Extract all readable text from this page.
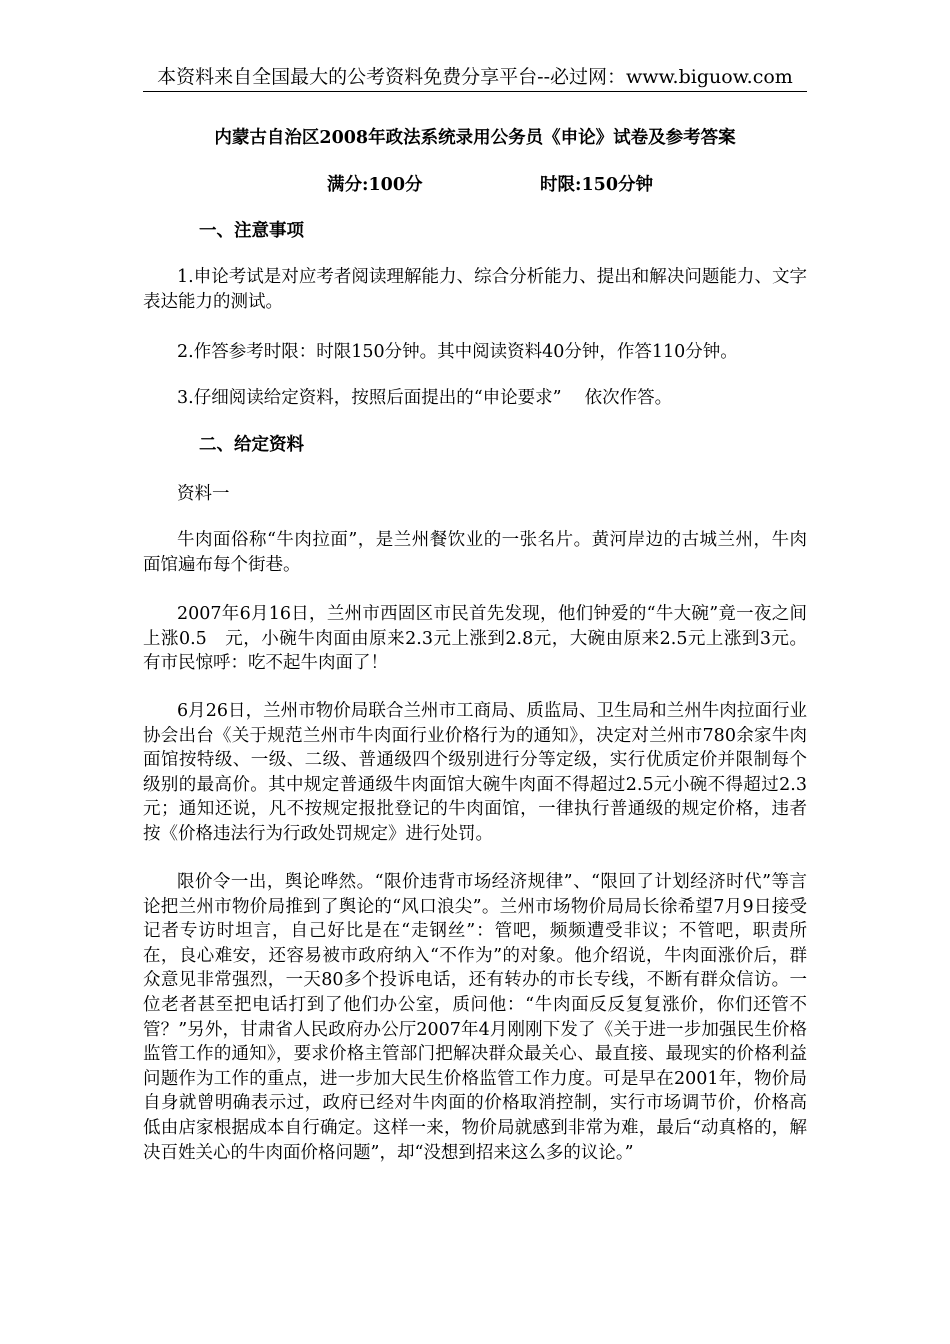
本资料来自全国最大的公考资料免费分享平台--必过网：www.biguow.com
内蒙古自治区2008年政法系统录用公务员《申论》试卷及参考答案
满分:100分	时限:150分钟
一、注意事项

1.申论考试是对应考者阅读理解能力、综合分析能力、提出和解决问题能力、文字表达能力的测试。

2.作答参考时限：时限150分钟。其中阅读资料40分钟，作答110分钟。

3.仔细阅读给定资料，按照后面提出的“申论要求”　 依次作答。

二、给定资料
资料一

牛肉面俗称“牛肉拉面”，是兰州餐饮业的一张名片。黄河岸边的古城兰州，牛肉面馆遍布每个街巷。

2007年6月16日，兰州市西固区市民首先发现，他们钟爱的“牛大碗”竟一夜之间上涨0.5　元，小碗牛肉面由原来2.3元上涨到2.8元，大碗由原来2.5元上涨到3元。有市民惊呼：吃不起牛肉面了！

6月26日，兰州市物价局联合兰州市工商局、质监局、卫生局和兰州牛肉拉面行业协会出台《关于规范兰州市牛肉面行业价格行为的通知》，决定对兰州市780余家牛肉面馆按特级、一级、二级、普通级四个级别进行分等定级，实行优质定价并限制每个级别的最高价。其中规定普通级牛肉面馆大碗牛肉面不得超过2.5元小碗不得超过2.3元；通知还说，凡不按规定报批登记的牛肉面馆，一律执行普通级的规定价格，违者按《价格违法行为行政处罚规定》进行处罚。

限价令一出，舆论哗然。“限价违背市场经济规律”、“限回了计划经济时代”等言论把兰州市物价局推到了舆论的“风口浪尖”。兰州市场物价局局长徐希望7月9日接受记者专访时坦言，自己好比是在“走钢丝”：管吧，频频遭受非议；不管吧，职责所在，良心难安，还容易被市政府纳入“不作为”的对象。他介绍说，牛肉面涨价后，群众意见非常强烈，一天80多个投诉电话，还有转办的市长专线，不断有群众信访。一位老者甚至把电话打到了他们办公室，质问他：“牛肉面反反复复涨价，你们还管不管？”另外，甘肃省人民政府办公厅2007年4月刚刚下发了《关于进一步加强民生价格监管工作的通知》，要求价格主管部门把解决群众最关心、最直接、最现实的价格利益问题作为工作的重点，进一步加大民生价格监管工作力度。可是早在2001年，物价局自身就曾明确表示过，政府已经对牛肉面的价格取消控制，实行市场调节价，价格高低由店家根据成本自行确定。这样一来，物价局就感到非常为难，最后“动真格的，解决百姓关心的牛肉面价格问题”，却“没想到招来这么多的议论。”
